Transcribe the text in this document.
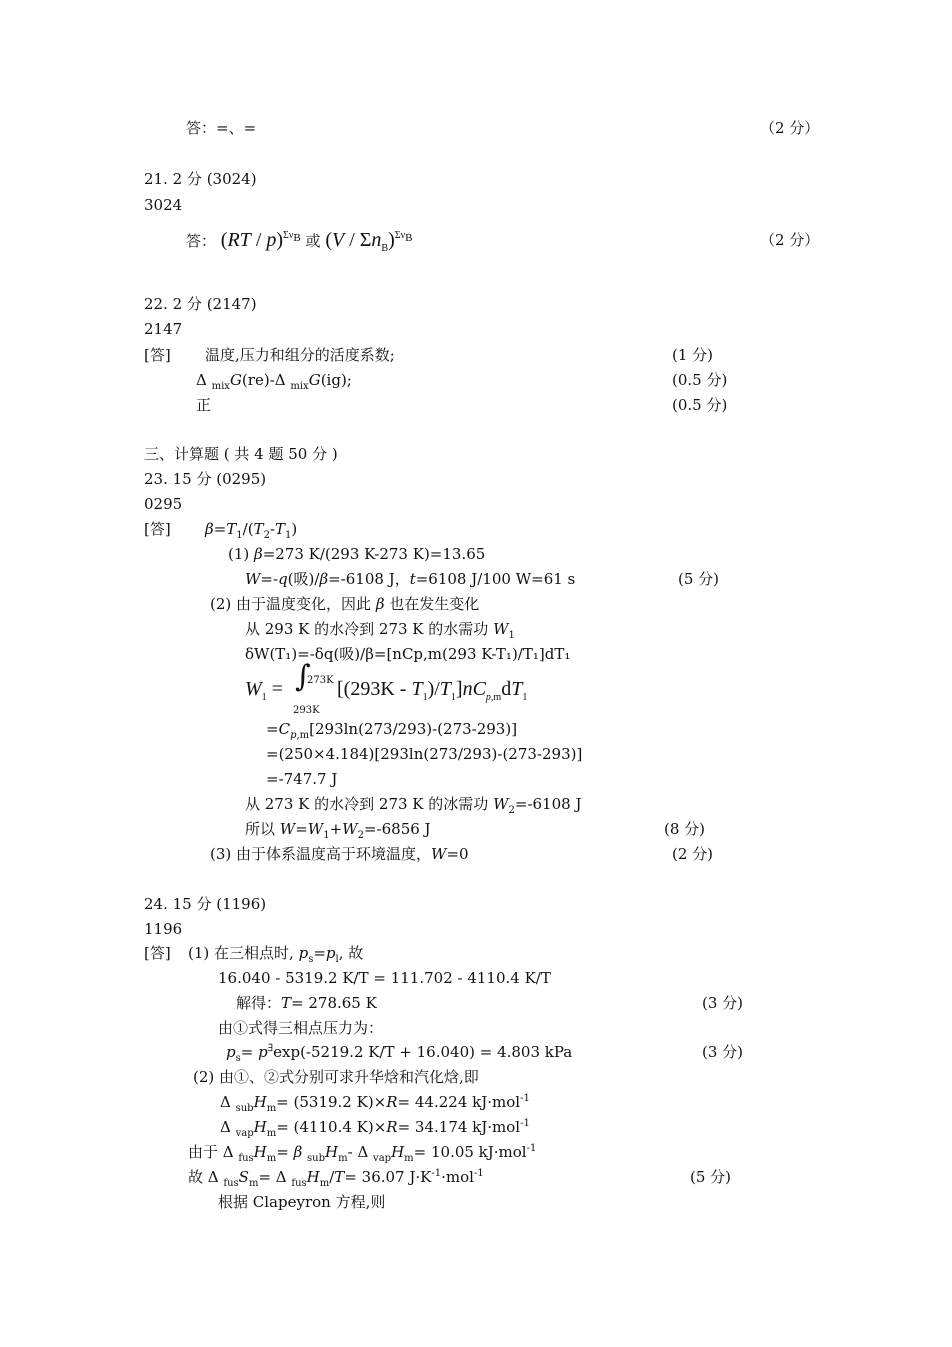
答：=、=	（2 分）
21. 2 分 (3024)
3024
答： (RT / p)$^{\Sigma\nu_B}$ 或 $(V / \Sigma n_B)^{\Sigma\nu_B}$	（2 分）
22. 2 分 (2147)
2147
[答] 温度,压力和组分的活度系数;	(1 分)
Δ $_{mix}$G(re)-Δ $_{mix}$G(ig);	(0.5 分)
正	(0.5 分)
三、计算题 ( 共 4 题 50 分 )
23. 15 分 (0295)
0295
[答] $\beta=T_1/(T_2-T_1)$
(1) β=273 K/(293 K-273 K)=13.65
W=-q(吸)/β=-6108 J，t=6108 J/100 W=61 s	(5 分)
(2) 由于温度变化，因此 β 也在发生变化
从 293 K 的水冷到 273 K 的水需功 $W_1$
δW(T₁)=-δq(吸)/β=[nCp,m(293 K-T₁)/T₁]dT₁
$W_1$ = ∫
273K
293K
$[(293K - T_1)/T_1]nC_{p,m}dT_1$
$=C_{p,m}[293\ln(273/293)-(273-293)]$
=(250×4.184)[293ln(273/293)-(273-293)]
=-747.7 J
从 273 K 的水冷到 273 K 的冰需功 $W_2=-6108$ J
所以 $W=W_1+W_2=-6856$ J	(8 分)
(3) 由于体系温度高于环境温度，W=0	(2 分)
24. 15 分 (1196)
1196
[答] (1) 在三相点时, $p_s=p_l$, 故
16.040 - 5319.2 K/T = 111.702 - 4110.4 K/T
解得：T= 278.65 K	(3 分)
由①式得三相点压力为：
$p_s= p^\exists\exp(-5219.2$ K/T + 16.040) = 4.803 kPa	(3 分)
(2) 由①、②式分别可求升华焓和汽化焓,即
Δ $_{sub}H_m= (5319.2$ K)×R= 44.224 kJ·mol$^{-1}$
Δ $_{vap}H_m= (4110.4$ K)×R= 34.174 kJ·mol$^{-1}$
由于 Δ $_{fus}H_m= \beta$ $_{sub}H_m-$ Δ $_{vap}H_m= 10.05$ kJ·mol$^{-1}$
故 Δ $_{fus}S_m= \Delta$ $_{fus}H_m/T= 36.07$ $J\cdot K^{-1}\cdot mol^{-1}$	(5 分)
根据 Clapeyron 方程,则
